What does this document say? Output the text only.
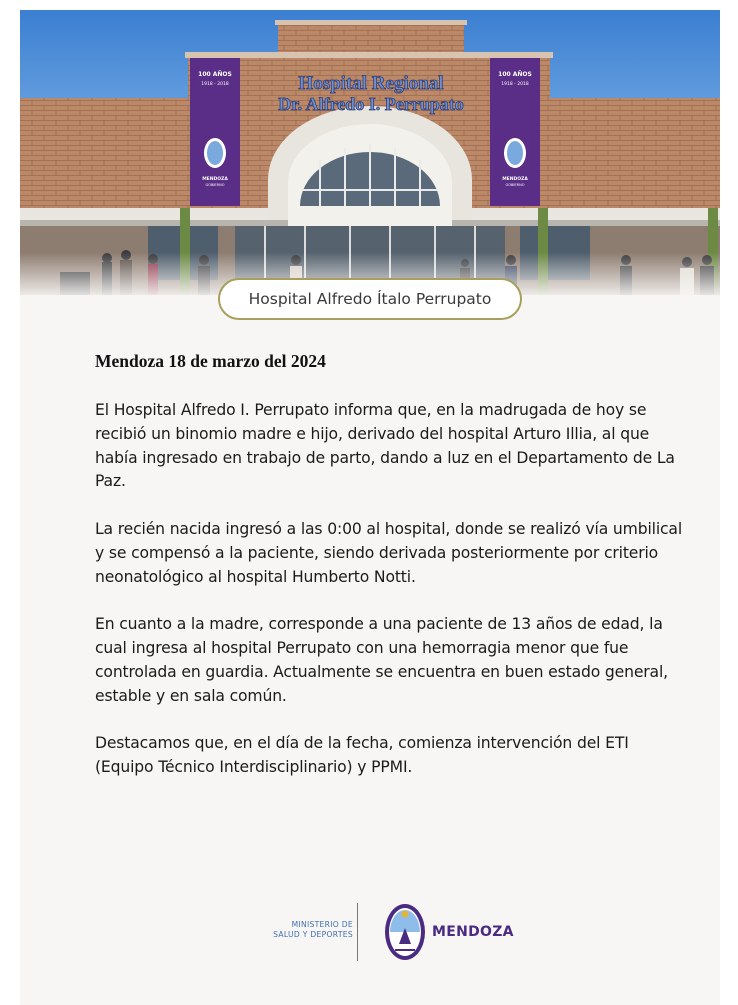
Hospital Alfredo Ítalo Perrupato
Mendoza 18 de marzo del 2024

El Hospital Alfredo I. Perrupato informa que, en la madrugada de hoy se recibió un binomio madre e hijo, derivado del hospital Arturo Illia, al que había ingresado en trabajo de parto, dando a luz en el Departamento de La Paz.

La recién nacida ingresó a las 0:00 al hospital, donde se realizó vía umbilical y se compensó a la paciente, siendo derivada posteriormente por criterio neonatológico al hospital Humberto Notti.

En cuanto a la madre, corresponde a una paciente de 13 años de edad, la cual ingresa al hospital Perrupato con una hemorragia menor que fue controlada en guardia. Actualmente se encuentra en buen estado general, estable y en sala común.

Destacamos que, en el día de la fecha, comienza intervención del ETI (Equipo Técnico Interdisciplinario) y PPMI.

MINISTERIO DE
SALUD Y DEPORTES	MENDOZA
